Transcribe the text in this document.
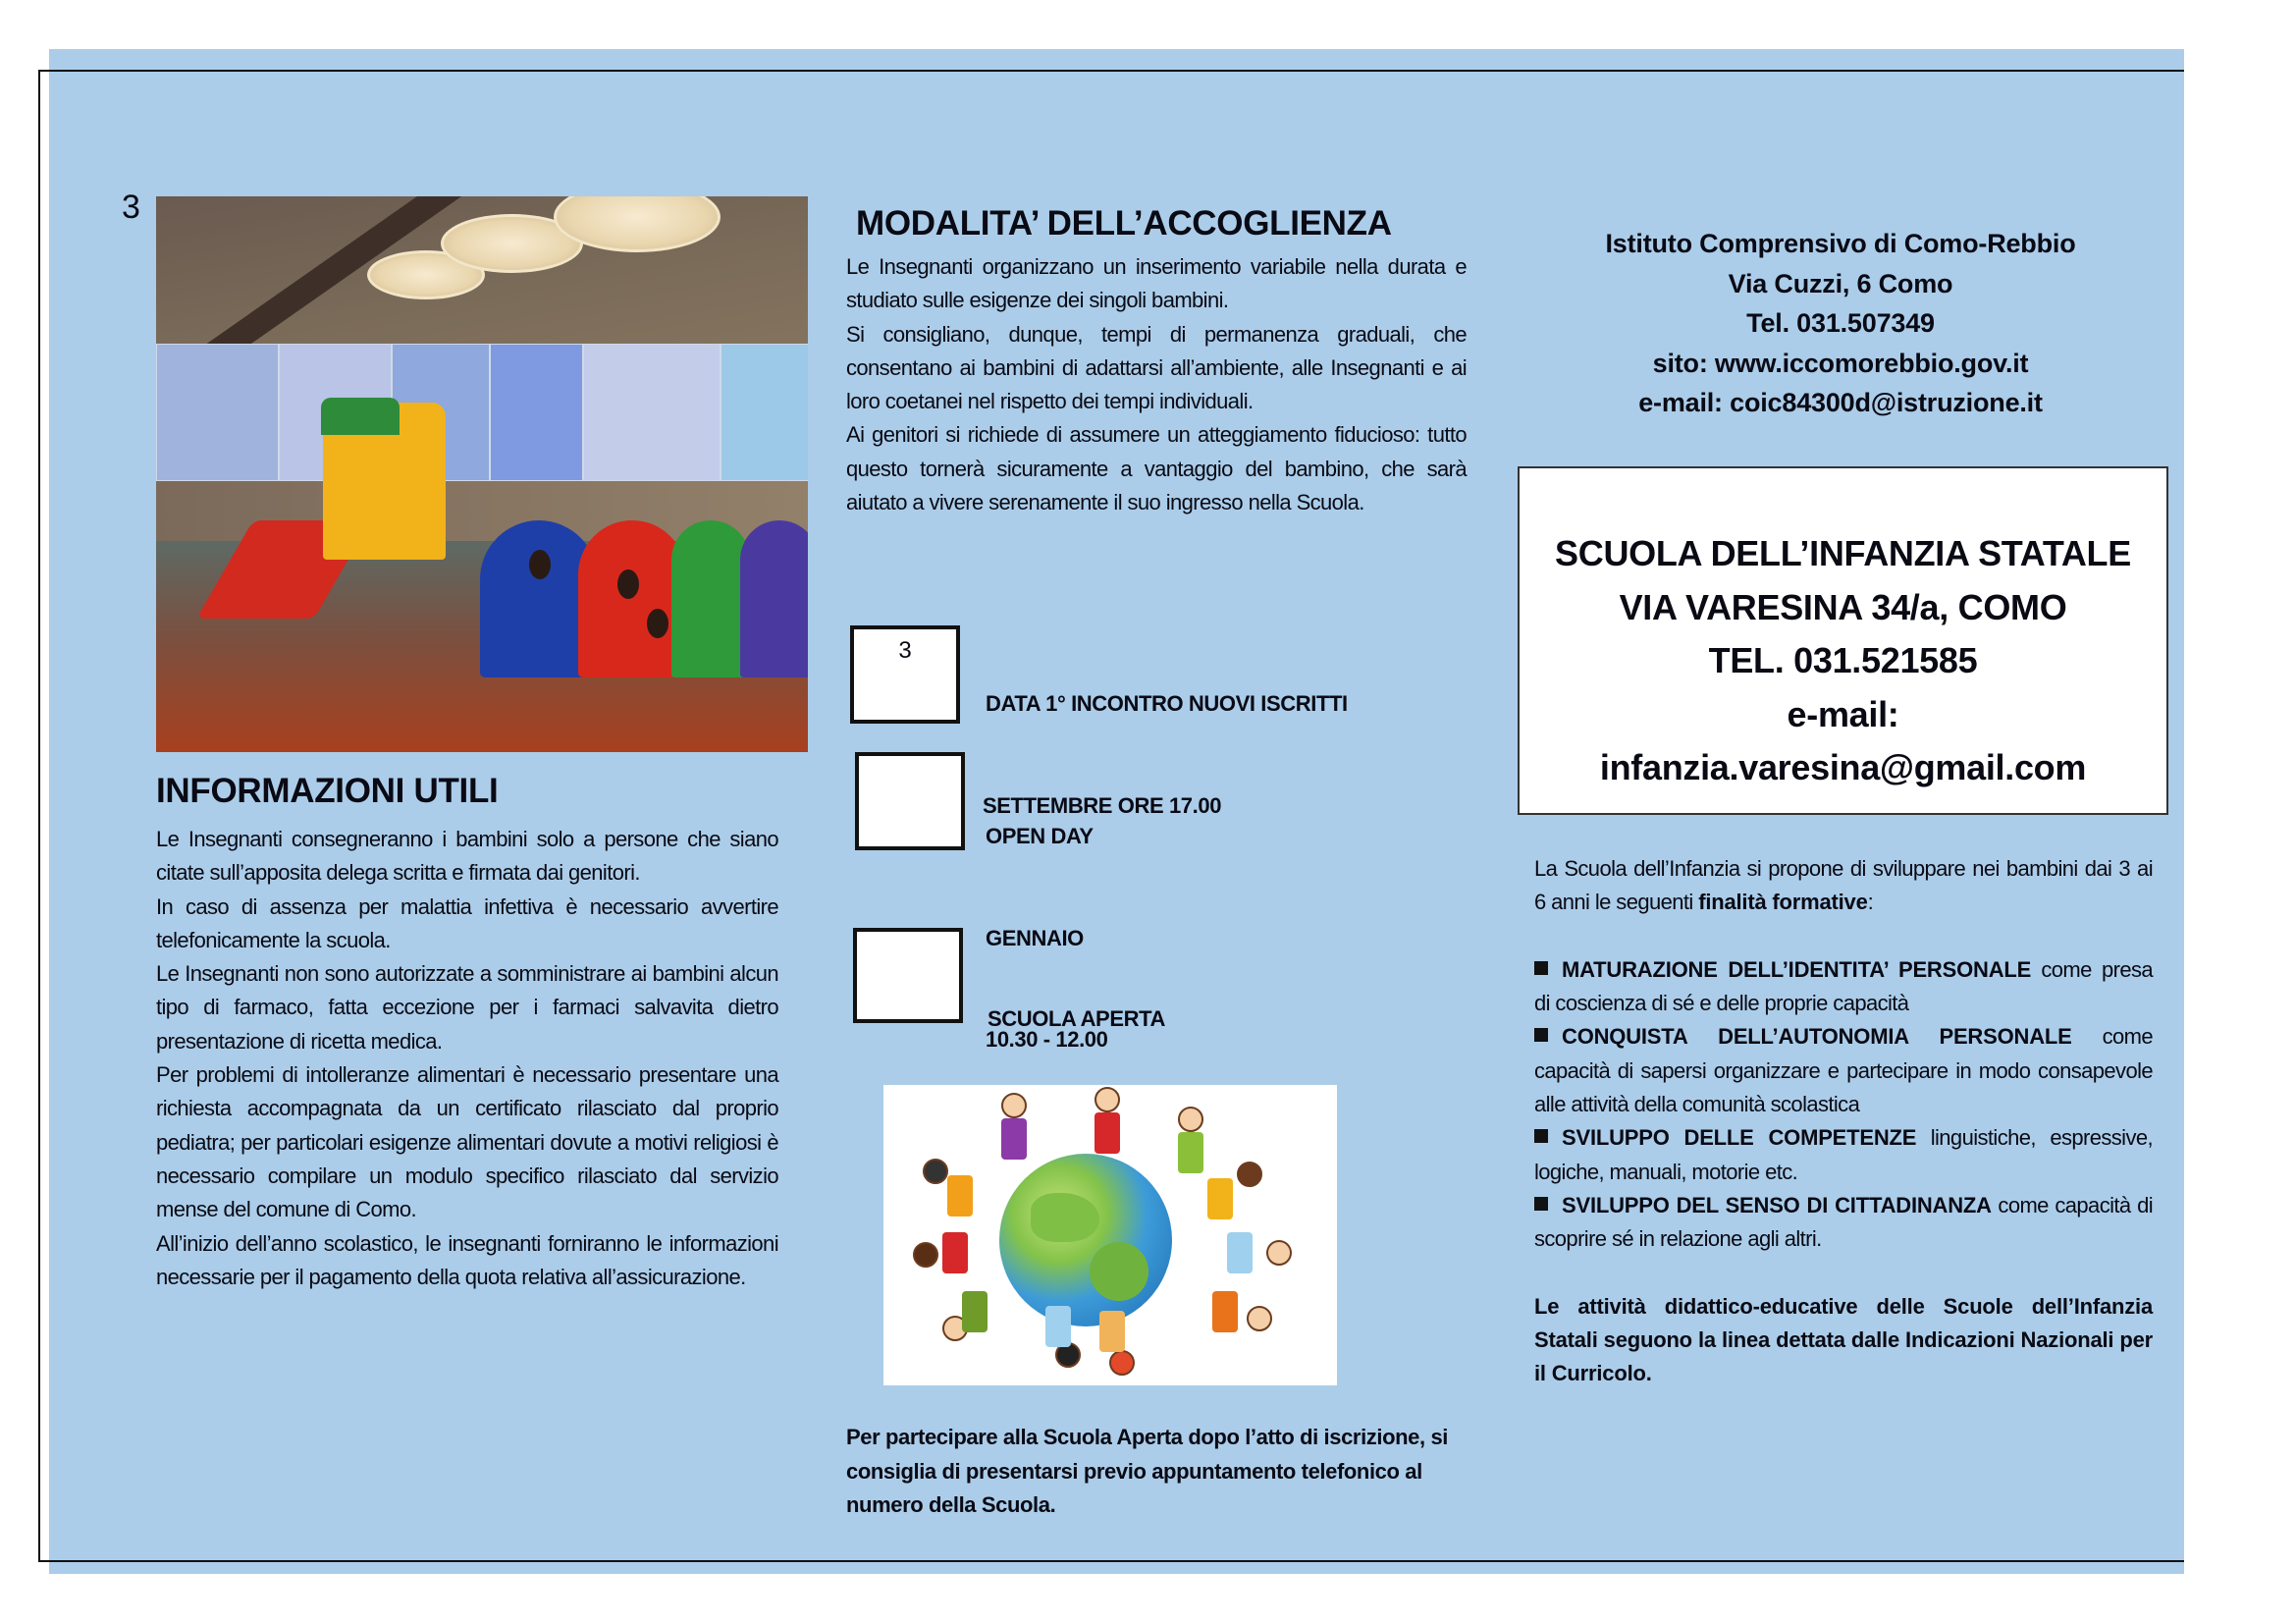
3
INFORMAZIONI UTILI

Le Insegnanti consegneranno i bambini solo a persone che siano citate sull’apposita delega scritta e firmata dai genitori.

In caso di assenza per malattia infettiva è necessario avvertire telefonicamente la scuola.

Le Insegnanti non sono autorizzate a somministrare ai bambini alcun tipo di farmaco, fatta eccezione per i farmaci salvavita dietro presentazione di ricetta medica.

Per problemi di intolleranze alimentari è necessario presentare una richiesta accompagnata da un certificato rilasciato dal proprio pediatra; per particolari esigenze alimentari dovute a motivi religiosi è necessario compilare un modulo specifico rilasciato dal servizio mense del comune di Como.

All’inizio dell’anno scolastico, le insegnanti forniranno le informazioni necessarie per il pagamento della quota relativa all’assicurazione.

MODALITA’ DELL’ACCOGLIENZA

Le Insegnanti organizzano un inserimento variabile nella durata e studiato sulle esigenze dei singoli bambini.

Si consigliano, dunque, tempi di permanenza graduali, che consentano ai bambini di adattarsi all’ambiente, alle Insegnanti e ai loro coetanei nel rispetto dei tempi individuali.

Ai genitori si richiede di assumere un atteggiamento fiducioso: tutto questo tornerà sicuramente a vantaggio del bambino, che sarà aiutato a vivere serenamente il suo ingresso nella Scuola.

3

DATA 1° INCONTRO NUOVI ISCRITTI

SETTEMBRE ORE 17.00

OPEN DAY

GENNAIO

10.30 - 12.00

SCUOLA APERTA

Per partecipare alla Scuola Aperta dopo l’atto di iscrizione, si consiglia di presentarsi previo appuntamento telefonico al numero della Scuola.
Istituto Comprensivo di Como-Rebbio
Via Cuzzi, 6 Como
Tel. 031.507349
sito: www.iccomorebbio.gov.it
e-mail: coic84300d@istruzione.it
SCUOLA DELL’INFANZIA STATALE
VIA VARESINA 34/a, COMO
TEL. 031.521585
e-mail:
infanzia.varesina@gmail.com

La Scuola dell’Infanzia si propone di sviluppare nei bambini dai 3 ai 6 anni le seguenti finalità formative:

MATURAZIONE DELL’IDENTITA’ PERSONALE come presa di coscienza di sé e delle proprie capacità

CONQUISTA DELL’AUTONOMIA PERSONALE come capacità di sapersi organizzare e partecipare in modo consapevole alle attività della comunità scolastica

SVILUPPO DELLE COMPETENZE linguistiche, espressive, logiche, manuali, motorie etc.

SVILUPPO DEL SENSO DI CITTADINANZA come capacità di scoprire sé in relazione agli altri.

Le attività didattico-educative delle Scuole dell’Infanzia Statali seguono la linea dettata dalle Indicazioni Nazionali per il Curricolo.
